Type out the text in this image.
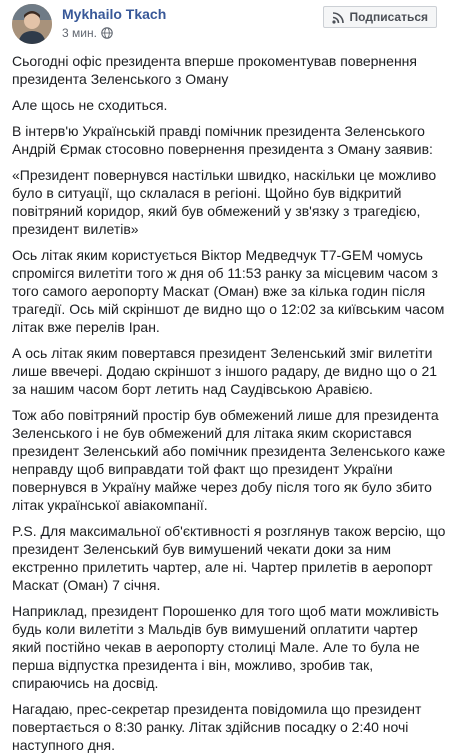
Mykhailo Tkach
3 мин.
Подписаться

Сьогодні офіс президента вперше прокоментував повернення президента Зеленського з Оману

Але щось не сходиться.

В інтерв'ю Українській правді помічник президента Зеленського Андрій Єрмак стосовно повернення президента з Оману заявив:

«Президент повернувся настільки швидко, наскільки це можливо було в ситуації, що склалася в регіоні. Щойно був відкритий повітряний коридор, який був обмежений у зв'язку з трагедією, президент вилетів»

Ось літак яким користується Віктор Медведчук T7-GEM чомусь спромігся вилетіти того ж дня об 11:53 ранку за місцевим часом з того самого аеропорту Маскат (Оман) вже за кілька годин після трагедії. Ось мій скріншот де видно що о 12:02 за київським часом літак вже перелів Іран.

А ось літак яким повертався президент Зеленський зміг вилетіти лише ввечері. Додаю скріншот з іншого радару, де видно що о 21 за нашим часом борт летить над Саудівською Аравією.

Тож або повітряний простір був обмежений лише для президента Зеленського і не був обмежений для літака яким скористався президент Зеленський або помічник президента Зеленського каже неправду щоб виправдати той факт що президент України повернувся в Україну майже через добу після того як було збито літак української авіакомпанії.

P.S. Для максимальної об'єктивності я розглянув також версію, що президент Зеленський був вимушений чекати доки за ним екстренно прилетить чартер, але ні. Чартер прилетів в аеропорт Маскат (Оман) 7 січня.

Наприклад, президент Порошенко для того щоб мати можливість будь коли вилетіти з Мальдів був вимушений оплатити чартер який постійно чекав в аеропорту столиці Мале. Але то була не перша відпустка президента і він, можливо, зробив так, спираючись на досвід.

Нагадаю, прес-секретар президента повідомила що президент повертається о 8:30 ранку. Літак здійснив посадку о 2:40 ночі наступного дня.
